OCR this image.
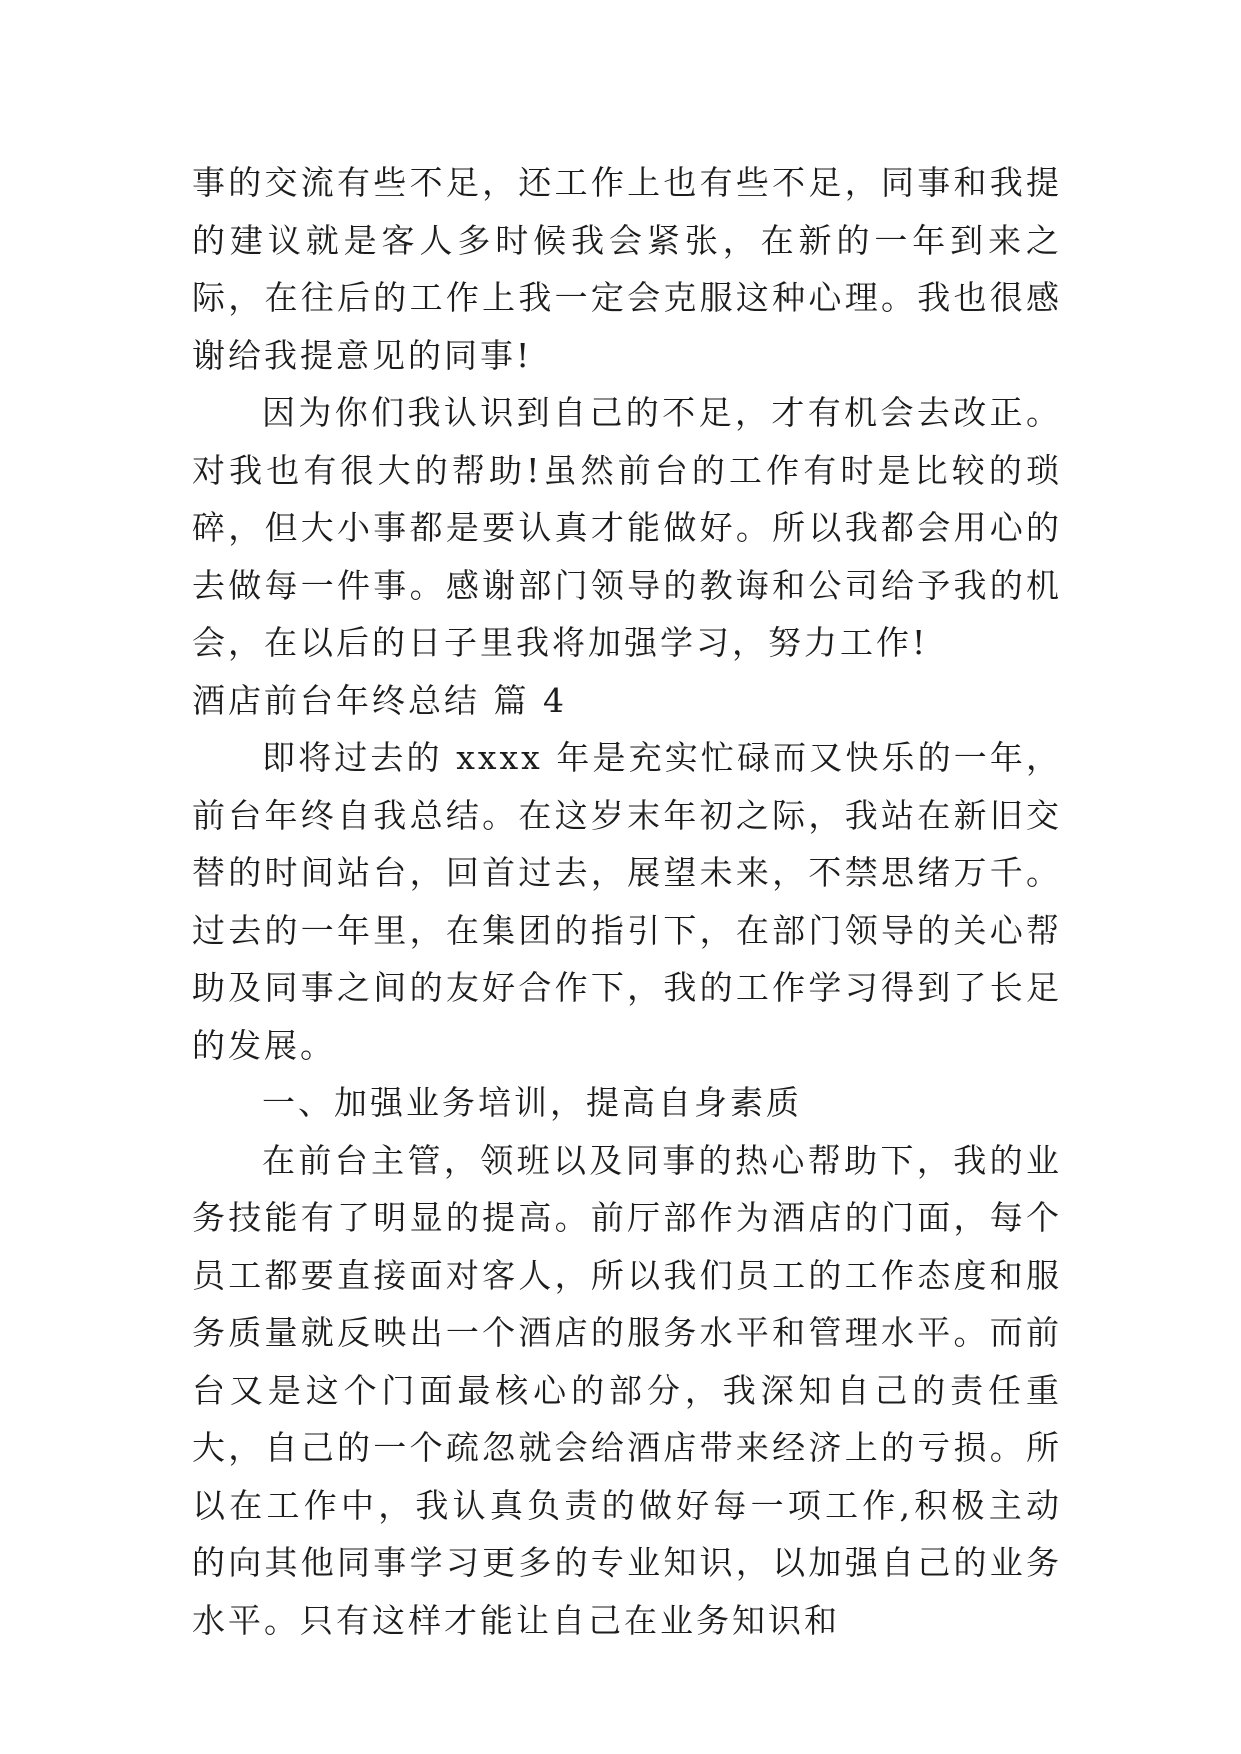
事的交流有些不足，还工作上也有些不足，同事和我提的建议就是客人多时候我会紧张，在新的一年到来之际，在往后的工作上我一定会克服这种心理。我也很感谢给我提意见的同事!

因为你们我认识到自己的不足，才有机会去改正。对我也有很大的帮助!虽然前台的工作有时是比较的琐碎，但大小事都是要认真才能做好。所以我都会用心的去做每一件事。感谢部门领导的教诲和公司给予我的机会，在以后的日子里我将加强学习，努力工作!

酒店前台年终总结 篇 4

即将过去的 xxxx 年是充实忙碌而又快乐的一年，前台年终自我总结。在这岁末年初之际，我站在新旧交替的时间站台，回首过去，展望未来，不禁思绪万千。过去的一年里，在集团的指引下，在部门领导的关心帮助及同事之间的友好合作下，我的工作学习得到了长足的发展。

一、加强业务培训，提高自身素质

在前台主管，领班以及同事的热心帮助下，我的业务技能有了明显的提高。前厅部作为酒店的门面，每个员工都要直接面对客人，所以我们员工的工作态度和服务质量就反映出一个酒店的服务水平和管理水平。而前台又是这个门面最核心的部分，我深知自己的责任重大，自己的一个疏忽就会给酒店带来经济上的亏损。所以在工作中，我认真负责的做好每一项工作,积极主动的向其他同事学习更多的专业知识，以加强自己的业务水平。只有这样才能让自己在业务知识和
